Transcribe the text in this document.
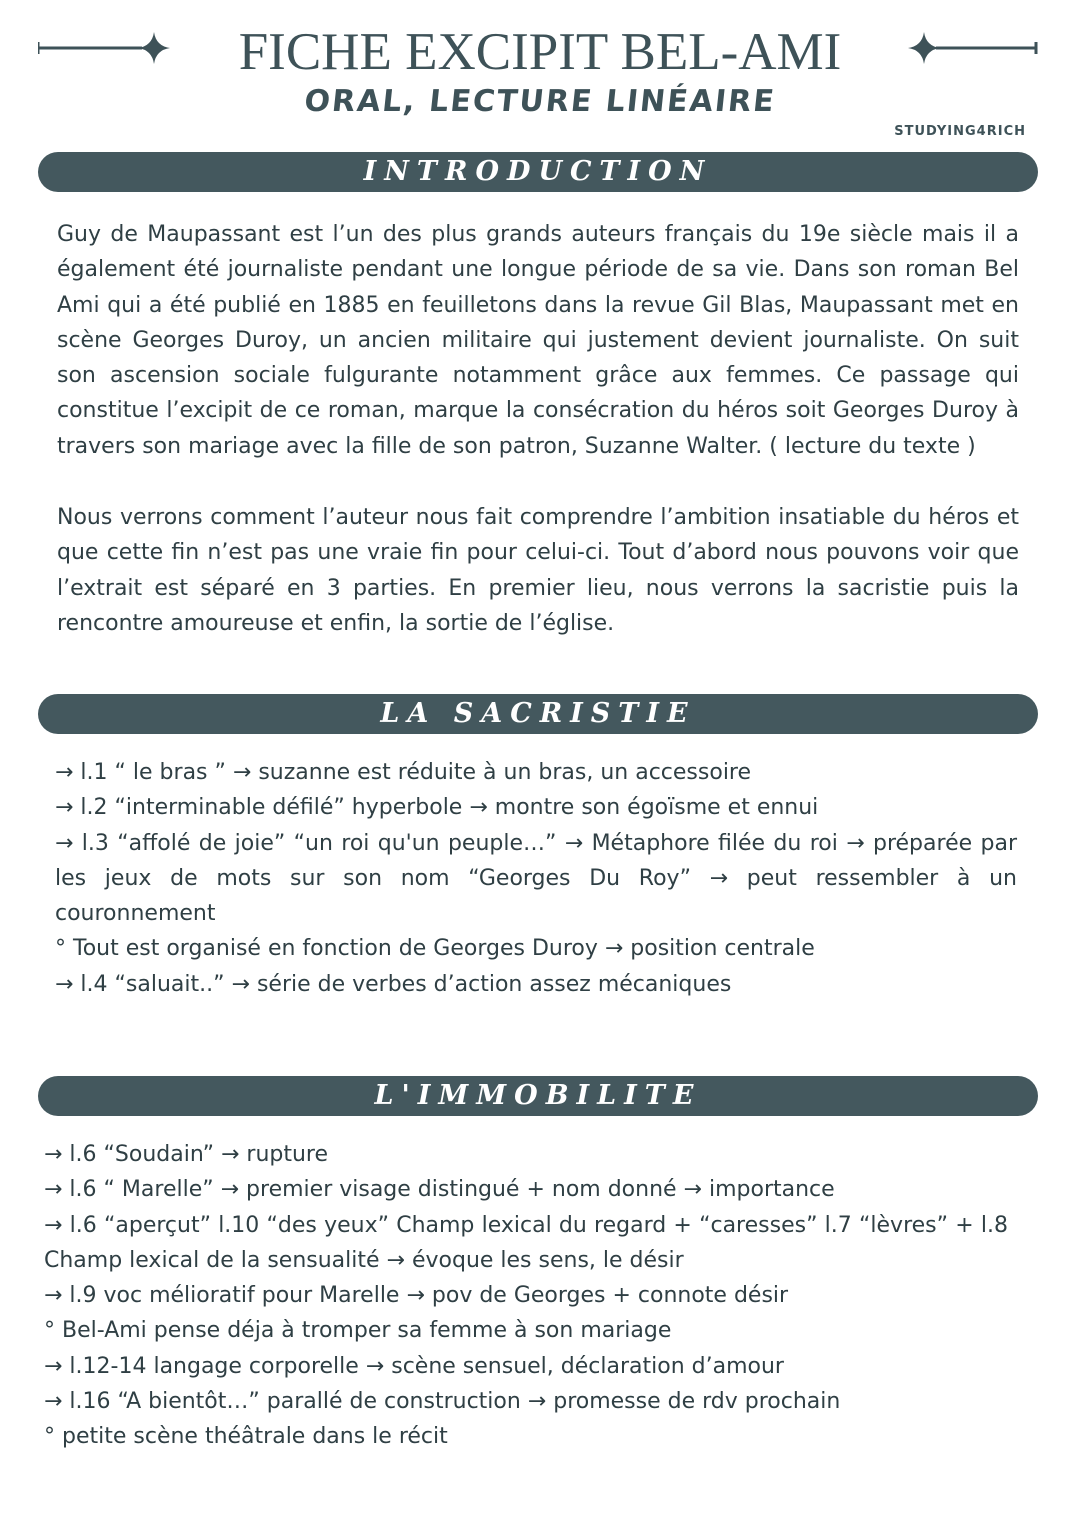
FICHE EXCIPIT BEL-AMI
ORAL, LECTURE LINÉAIRE
STUDYING4RICH
INTRODUCTION

Guy de Maupassant est l’un des plus grands auteurs français du 19e siècle mais il a également été journaliste pendant une longue période de sa vie. Dans son roman Bel Ami qui a été publié en 1885 en feuilletons dans la revue Gil Blas, Maupassant met en scène Georges Duroy, un ancien militaire qui justement devient journaliste. On suit son ascension sociale fulgurante notamment grâce aux femmes. Ce passage qui constitue l’excipit de ce roman, marque la consécration du héros soit Georges Duroy à travers son mariage avec la fille de son patron, Suzanne Walter. ( lecture du texte )

Nous verrons comment l’auteur nous fait comprendre l’ambition insatiable du héros et que cette fin n’est pas une vraie fin pour celui-ci. Tout d’abord nous pouvons voir que l’extrait est séparé en 3 parties. En premier lieu, nous verrons la sacristie puis la rencontre amoureuse et enfin, la sortie de l’église.

LA SACRISTIE
→ l.1 “ le bras ” → suzanne est réduite à un bras, un accessoire
→ l.2 “interminable défilé” hyperbole → montre son égoïsme et ennui
→ l.3 “affolé de joie” “un roi qu'un peuple…” → Métaphore filée du roi → préparée par les jeux de mots sur son nom “Georges Du Roy” → peut ressembler à un couronnement
° Tout est organisé en fonction de Georges Duroy → position centrale
→ l.4 “saluait..” → série de verbes d’action assez mécaniques
L'IMMOBILITE
→ l.6 “Soudain” → rupture
→ l.6 “ Marelle” → premier visage distingué + nom donné → importance
→ l.6 “aperçut” l.10 “des yeux” Champ lexical du regard + “caresses” l.7 “lèvres” + l.8 Champ lexical de la sensualité → évoque les sens, le désir
→ l.9 voc mélioratif pour Marelle → pov de Georges + connote désir
° Bel-Ami pense déja à tromper sa femme à son mariage
→ l.12-14 langage corporelle → scène sensuel, déclaration d’amour
→ l.16 “A bientôt…” parallé de construction → promesse de rdv prochain
° petite scène théâtrale dans le récit
